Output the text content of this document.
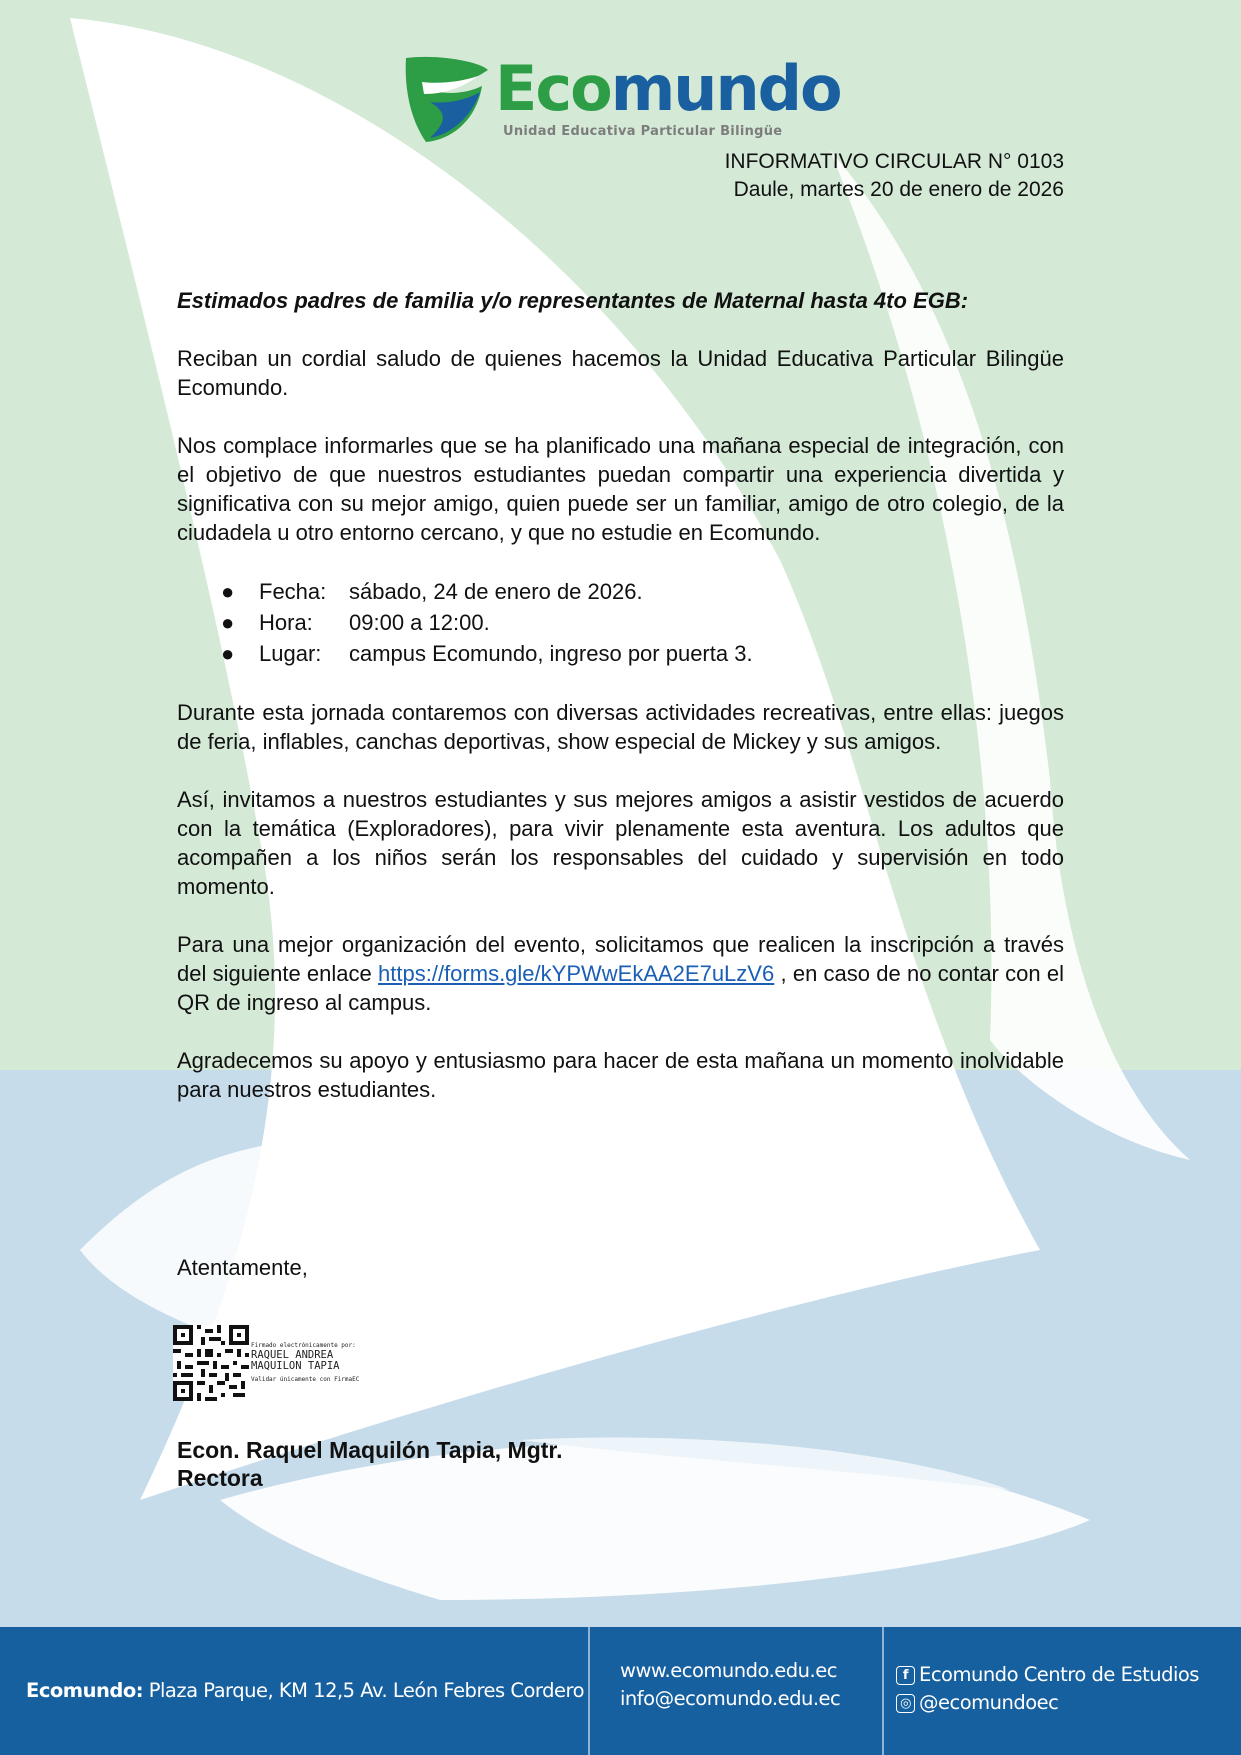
Ecomundo
Unidad Educativa Particular Bilingüe
INFORMATIVO CIRCULAR N° 0103
Daule, martes 20 de enero de 2026

Estimados padres de familia y/o representantes de Maternal hasta 4to EGB:

Reciban un cordial saludo de quienes hacemos la Unidad Educativa Particular Bilingüe Ecomundo.

Nos complace informarles que se ha planificado una mañana especial de integración, con el objetivo de que nuestros estudiantes puedan compartir una experiencia divertida y significativa con su mejor amigo, quien puede ser un familiar, amigo de otro colegio, de la ciudadela u otro entorno cercano, y que no estudie en Ecomundo.

● Fecha: sábado, 24 de enero de 2026.
● Hora: 09:00 a 12:00.
● Lugar: campus Ecomundo, ingreso por puerta 3.

Durante esta jornada contaremos con diversas actividades recreativas, entre ellas: juegos de feria, inflables, canchas deportivas, show especial de Mickey y sus amigos.

Así, invitamos a nuestros estudiantes y sus mejores amigos a asistir vestidos de acuerdo con la temática (Exploradores), para vivir plenamente esta aventura. Los adultos que acompañen a los niños serán los responsables del cuidado y supervisión en todo momento.

Para una mejor organización del evento, solicitamos que realicen la inscripción a través del siguiente enlace https://forms.gle/kYPWwEkAA2E7uLzV6 , en caso de no contar con el QR de ingreso al campus.

Agradecemos su apoyo y entusiasmo para hacer de esta mañana un momento inolvidable para nuestros estudiantes.

Atentamente,
Firmado electrónicamente por:
RAQUEL ANDREA
MAQUILON TAPIA
Validar únicamente con FirmaEC
Econ. Raquel Maquilón Tapia, Mgtr.
Rectora
Ecomundo: Plaza Parque, KM 12,5 Av. León Febres Cordero
www.ecomundo.edu.ec
info@ecomundo.edu.ec
f Ecomundo Centro de Estudios
◎ @ecomundoec
